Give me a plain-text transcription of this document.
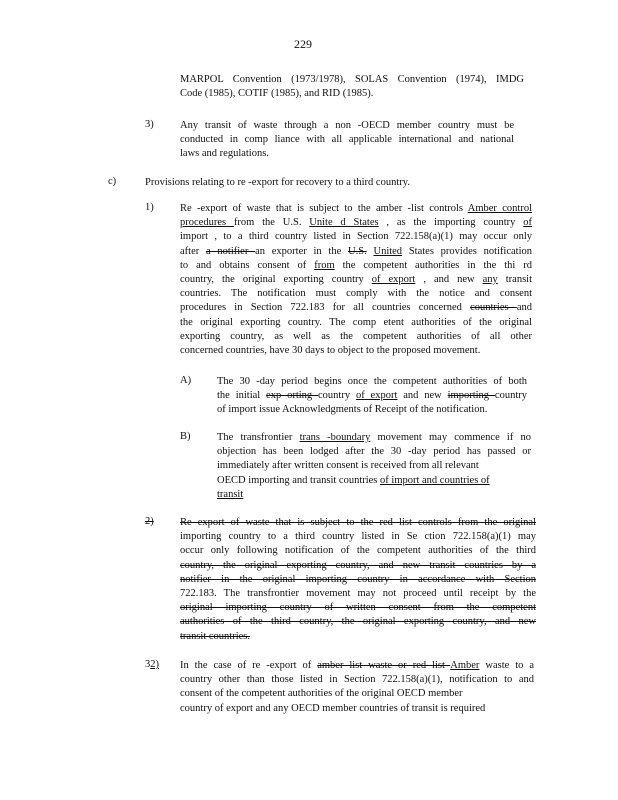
229
MARPOL Convention (1973/1978), SOLAS Convention (1974), IMDG
Code (1985), COTIF (1985), and RID (1985).
3)	Any transit of waste through a non -OECD member country must be
conducted in comp liance with all applicable international and national
laws and regulations.
c)	Provisions relating to re -export for recovery to a third country.
1)	Re -export of waste that is subject to the amber -list controls Amber control
procedures from the U.S. Unite d States , as the importing country of
import , to a third country listed in Section 722.158(a)(1) may occur only
after a notifier an exporter in the U.S. United States provides notification
to and obtains consent of from the competent authorities in the thi rd
country, the original exporting country of export , and new any transit
countries. The notification must comply with the notice and consent
procedures in Section 722.183 for all countries concerned countries and
the original exporting country. The comp etent authorities of the original
exporting country, as well as the competent authorities of all other
concerned countries, have 30 days to object to the proposed movement.
A) The 30 -day period begins once the competent authorities of both
the initial exp orting country of export and new importing country
of import issue Acknowledgments of Receipt of the notification.
B)	The transfrontier trans -boundary movement may commence if no
objection has been lodged after the 30 -day period has passed or
immediately after written consent is received from all relevant
OECD importing and transit countries of import and countries of
transit
2)	Re export of waste that is subject to the red list controls from the original
importing country to a third country listed in Se ction 722.158(a)(1) may
occur only following notification of the competent authorities of the third
country, the original exporting country, and new transit countries by a
notifier in the original importing country in accordance with Section
722.183. The transfrontier movement may not proceed until receipt by the
original importing country of written consent from the competent
authorities of the third country, the original exporting country, and new
transit countries.
32) In the case of re -export of amber list waste or red list Amber waste to a
country other than those listed in Section 722.158(a)(1), notification to and
consent of the competent authorities of the original OECD member
country of export and any OECD member countries of transit is required
